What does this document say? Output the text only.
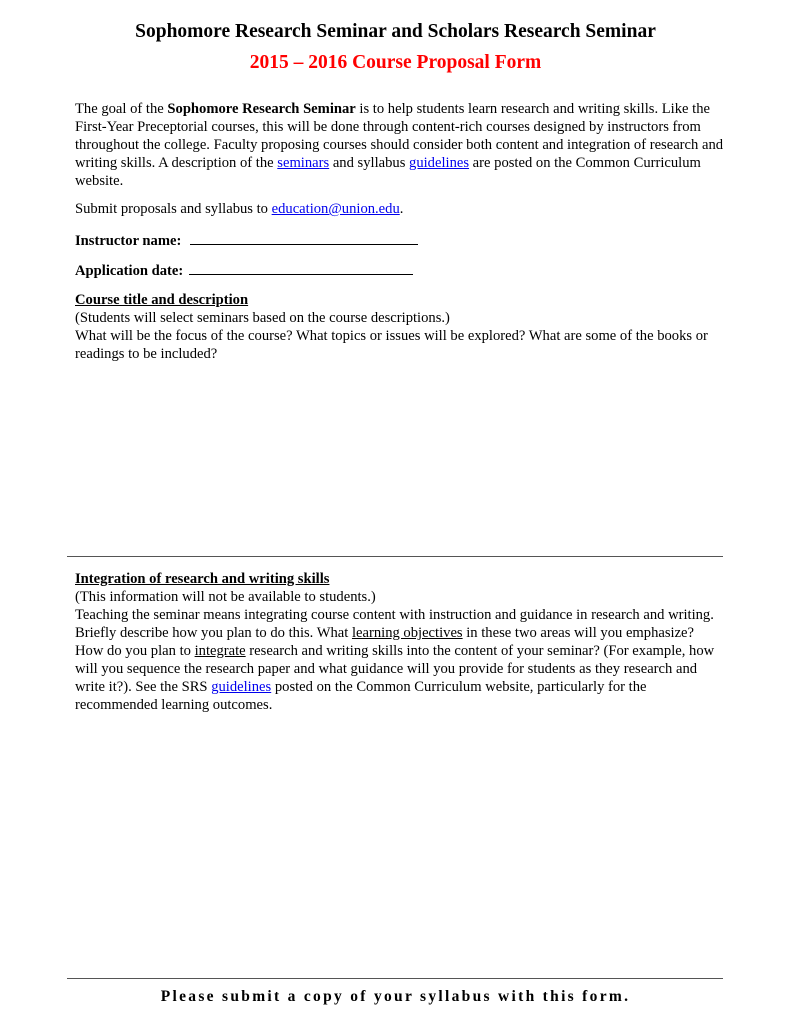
Sophomore Research Seminar and Scholars Research Seminar
2015 – 2016 Course Proposal Form
The goal of the Sophomore Research Seminar is to help students learn research and writing skills. Like the First-Year Preceptorial courses, this will be done through content-rich courses designed by instructors from throughout the college. Faculty proposing courses should consider both content and integration of research and writing skills. A description of the seminars and syllabus guidelines are posted on the Common Curriculum website.
Submit proposals and syllabus to education@union.edu.
Instructor name:
Application date:

Course title and description

(Students will select seminars based on the course descriptions.)

What will be the focus of the course? What topics or issues will be explored? What are some of the books or readings to be included?

Integration of research and writing skills

(This information will not be available to students.)

Teaching the seminar means integrating course content with instruction and guidance in research and writing. Briefly describe how you plan to do this. What learning objectives in these two areas will you emphasize? How do you plan to integrate research and writing skills into the content of your seminar? (For example, how will you sequence the research paper and what guidance will you provide for students as they research and write it?). See the SRS guidelines posted on the Common Curriculum website, particularly for the recommended learning outcomes.

Please submit a copy of your syllabus with this form.
